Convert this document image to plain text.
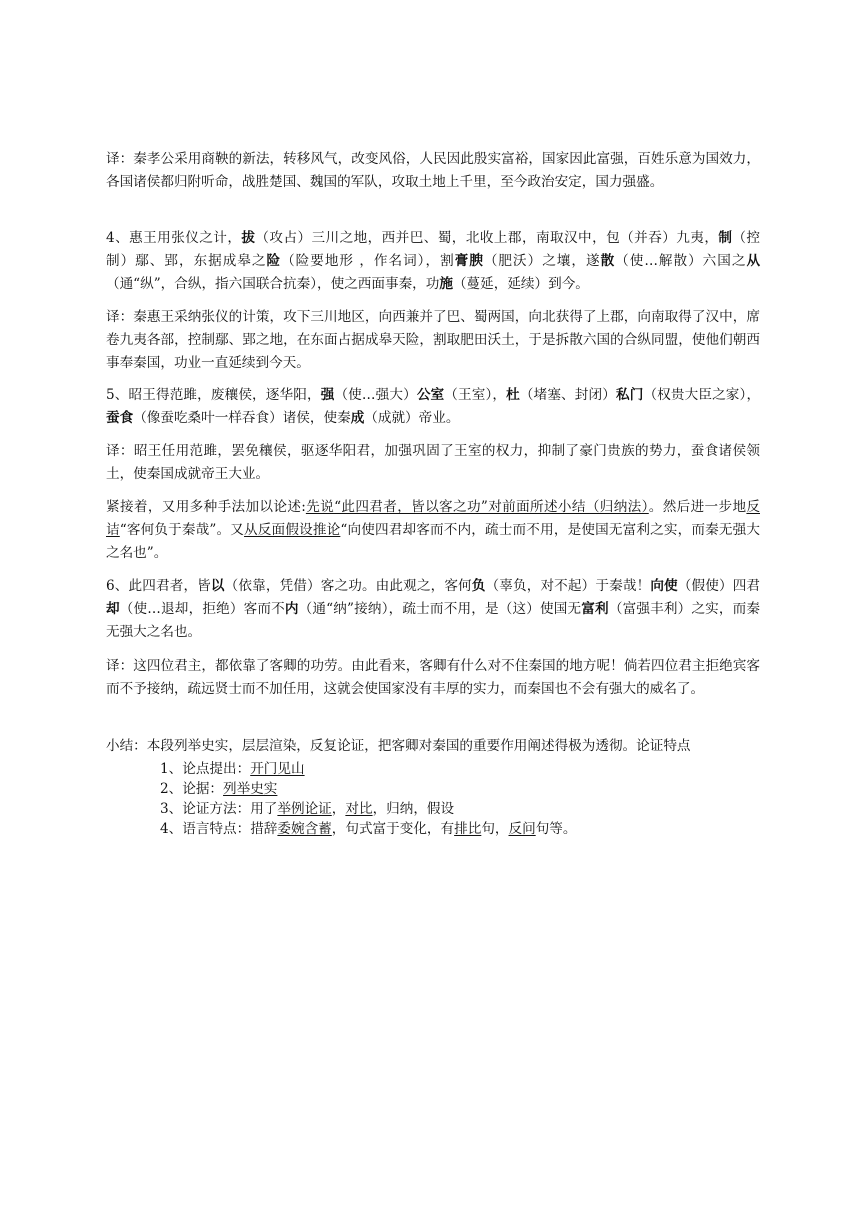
译：秦孝公采用商鞅的新法，转移风气，改变风俗，人民因此殷实富裕，国家因此富强，百姓乐意为国效力，各国诸侯都归附听命，战胜楚国、魏国的军队，攻取土地上千里，至今政治安定，国力强盛。

4、惠王用张仪之计，拔（攻占）三川之地，西并巴、蜀，北收上郡，南取汉中，包（并吞）九夷，制（控制）鄢、郢，东据成皋之险（险要地形 ，作名词），割膏腴（肥沃）之壤，遂散（使…解散）六国之从（通“纵”，合纵，指六国联合抗秦），使之西面事秦，功施（蔓延，延续）到今。

译：秦惠王采纳张仪的计策，攻下三川地区，向西兼并了巴、蜀两国，向北获得了上郡，向南取得了汉中，席卷九夷各部，控制鄢、郢之地，在东面占据成皋天险，割取肥田沃土，于是拆散六国的合纵同盟，使他们朝西事奉秦国，功业一直延续到今天。

5、昭王得范雎，废穰侯，逐华阳，强（使…强大）公室（王室），杜（堵塞、封闭）私门（权贵大臣之家），蚕食（像蚕吃桑叶一样吞食）诸侯，使秦成（成就）帝业。

译：昭王任用范雎，罢免穰侯，驱逐华阳君，加强巩固了王室的权力，抑制了豪门贵族的势力，蚕食诸侯领土，使秦国成就帝王大业。

紧接着，又用多种手法加以论述:先说“此四君者，皆以客之功”对前面所述小结（归纳法）。然后进一步地反诘“客何负于秦哉”。又从反面假设推论“向使四君却客而不内，疏士而不用，是使国无富利之实，而秦无强大之名也”。

6、此四君者，皆以（依靠，凭借）客之功。由此观之，客何负（辜负，对不起）于秦哉！向使（假使）四君却（使…退却，拒绝）客而不内（通“纳”接纳），疏士而不用，是（这）使国无富利（富强丰利）之实，而秦无强大之名也。

译：这四位君主，都依靠了客卿的功劳。由此看来，客卿有什么对不住秦国的地方呢！倘若四位君主拒绝宾客而不予接纳，疏远贤士而不加任用，这就会使国家没有丰厚的实力，而秦国也不会有强大的威名了。

小结：本段列举史实，层层渲染，反复论证，把客卿对秦国的重要作用阐述得极为透彻。论证特点

1、论点提出：开门见山
2、论据：列举史实
3、论证方法：用了举例论证，对比，归纳，假设
4、语言特点：措辞委婉含蓄，句式富于变化，有排比句，反问句等。
